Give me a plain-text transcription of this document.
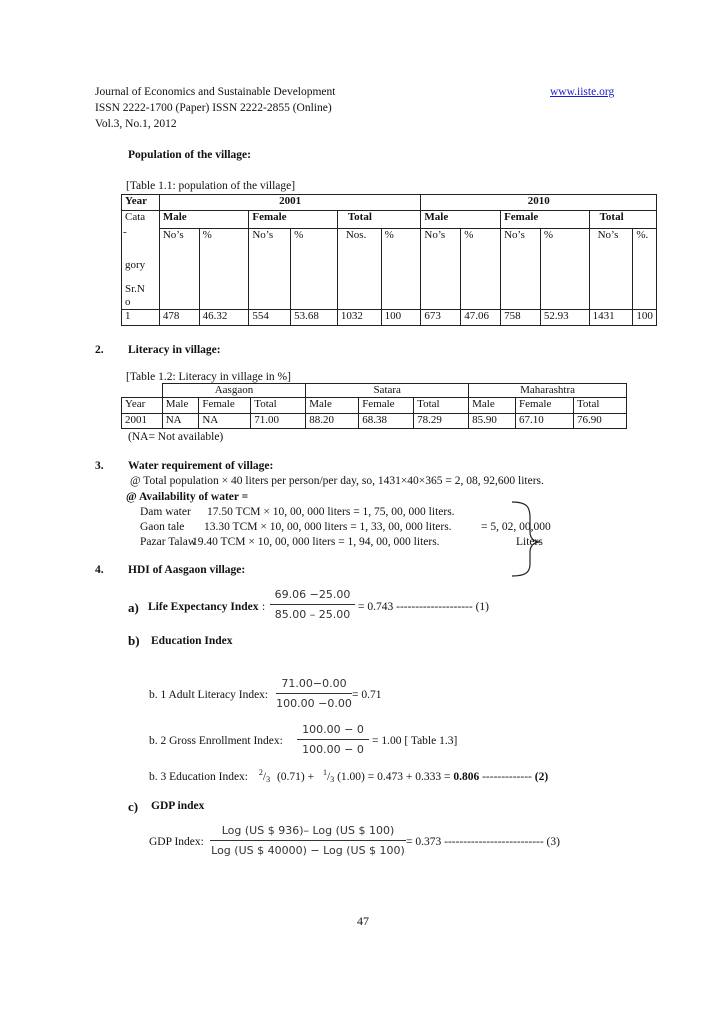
Journal of Economics and Sustainable Development	www.iiste.org
ISSN 2222-1700 (Paper) ISSN 2222-2855 (Online)
Vol.3, No.1, 2012
Population of the village:
[Table 1.1: population of the village]
Year	2001						2010					
Cata	Male		Female		Total		Male		Female		Total	

-
gory
Sr.N
o	No’s	%	No’s	%	Nos.	%	No’s	%	No’s	%	No’s	%.
1	478	46.32	554	53.68	1032	100	673	47.06	758	52.93	1431	100
2. Literacy in village:
[Table 1.2: Literacy in village in %]
	Aasgaon			Satara			Maharashtra		
Year	Male	Female	Total	Male	Female	Total	Male	Female	Total
2001	NA	NA	71.00	88.20	68.38	78.29	85.90	67.10	76.90
(NA= Not available)
3. Water requirement of village:
@ Total population × 40 liters per person/per day, so, 1431×40×365 = 2, 08, 92,600 liters.
@ Availability of water =
Dam water 17.50 TCM × 10, 00, 000 liters = 1, 75, 00, 000 liters.
Gaon tale 13.30 TCM × 10, 00, 000 liters = 1, 33, 00, 000 liters.
Pazar Talaw
19.40 TCM × 10, 00, 000 liters = 1, 94, 00, 000 liters.
= 5, 02, 00,000
Liters
4. HDI of Aasgaon village:
a) Life Expectancy Index :
69.06 −25.00
85.00 – 25.00
= 0.743 -------------------- (1)
b) Education Index
b. 1 Adult Literacy Index:
71.00−0.00
100.00 −0.00
= 0.71
b. 2 Gross Enrollment Index:
100.00 − 0
100.00 − 0
= 1.00 [ Table 1.3]
b. 3 Education Index: $^2$/3 (0.71) + $^1$/3 (1.00) = 0.473 + 0.333 = 0.806 ------------- (2)
c) GDP index
GDP Index:
Log (US $ 936)– Log (US $ 100)
Log (US $ 40000) − Log (US $ 100)
= 0.373 -------------------------- (3)
47
